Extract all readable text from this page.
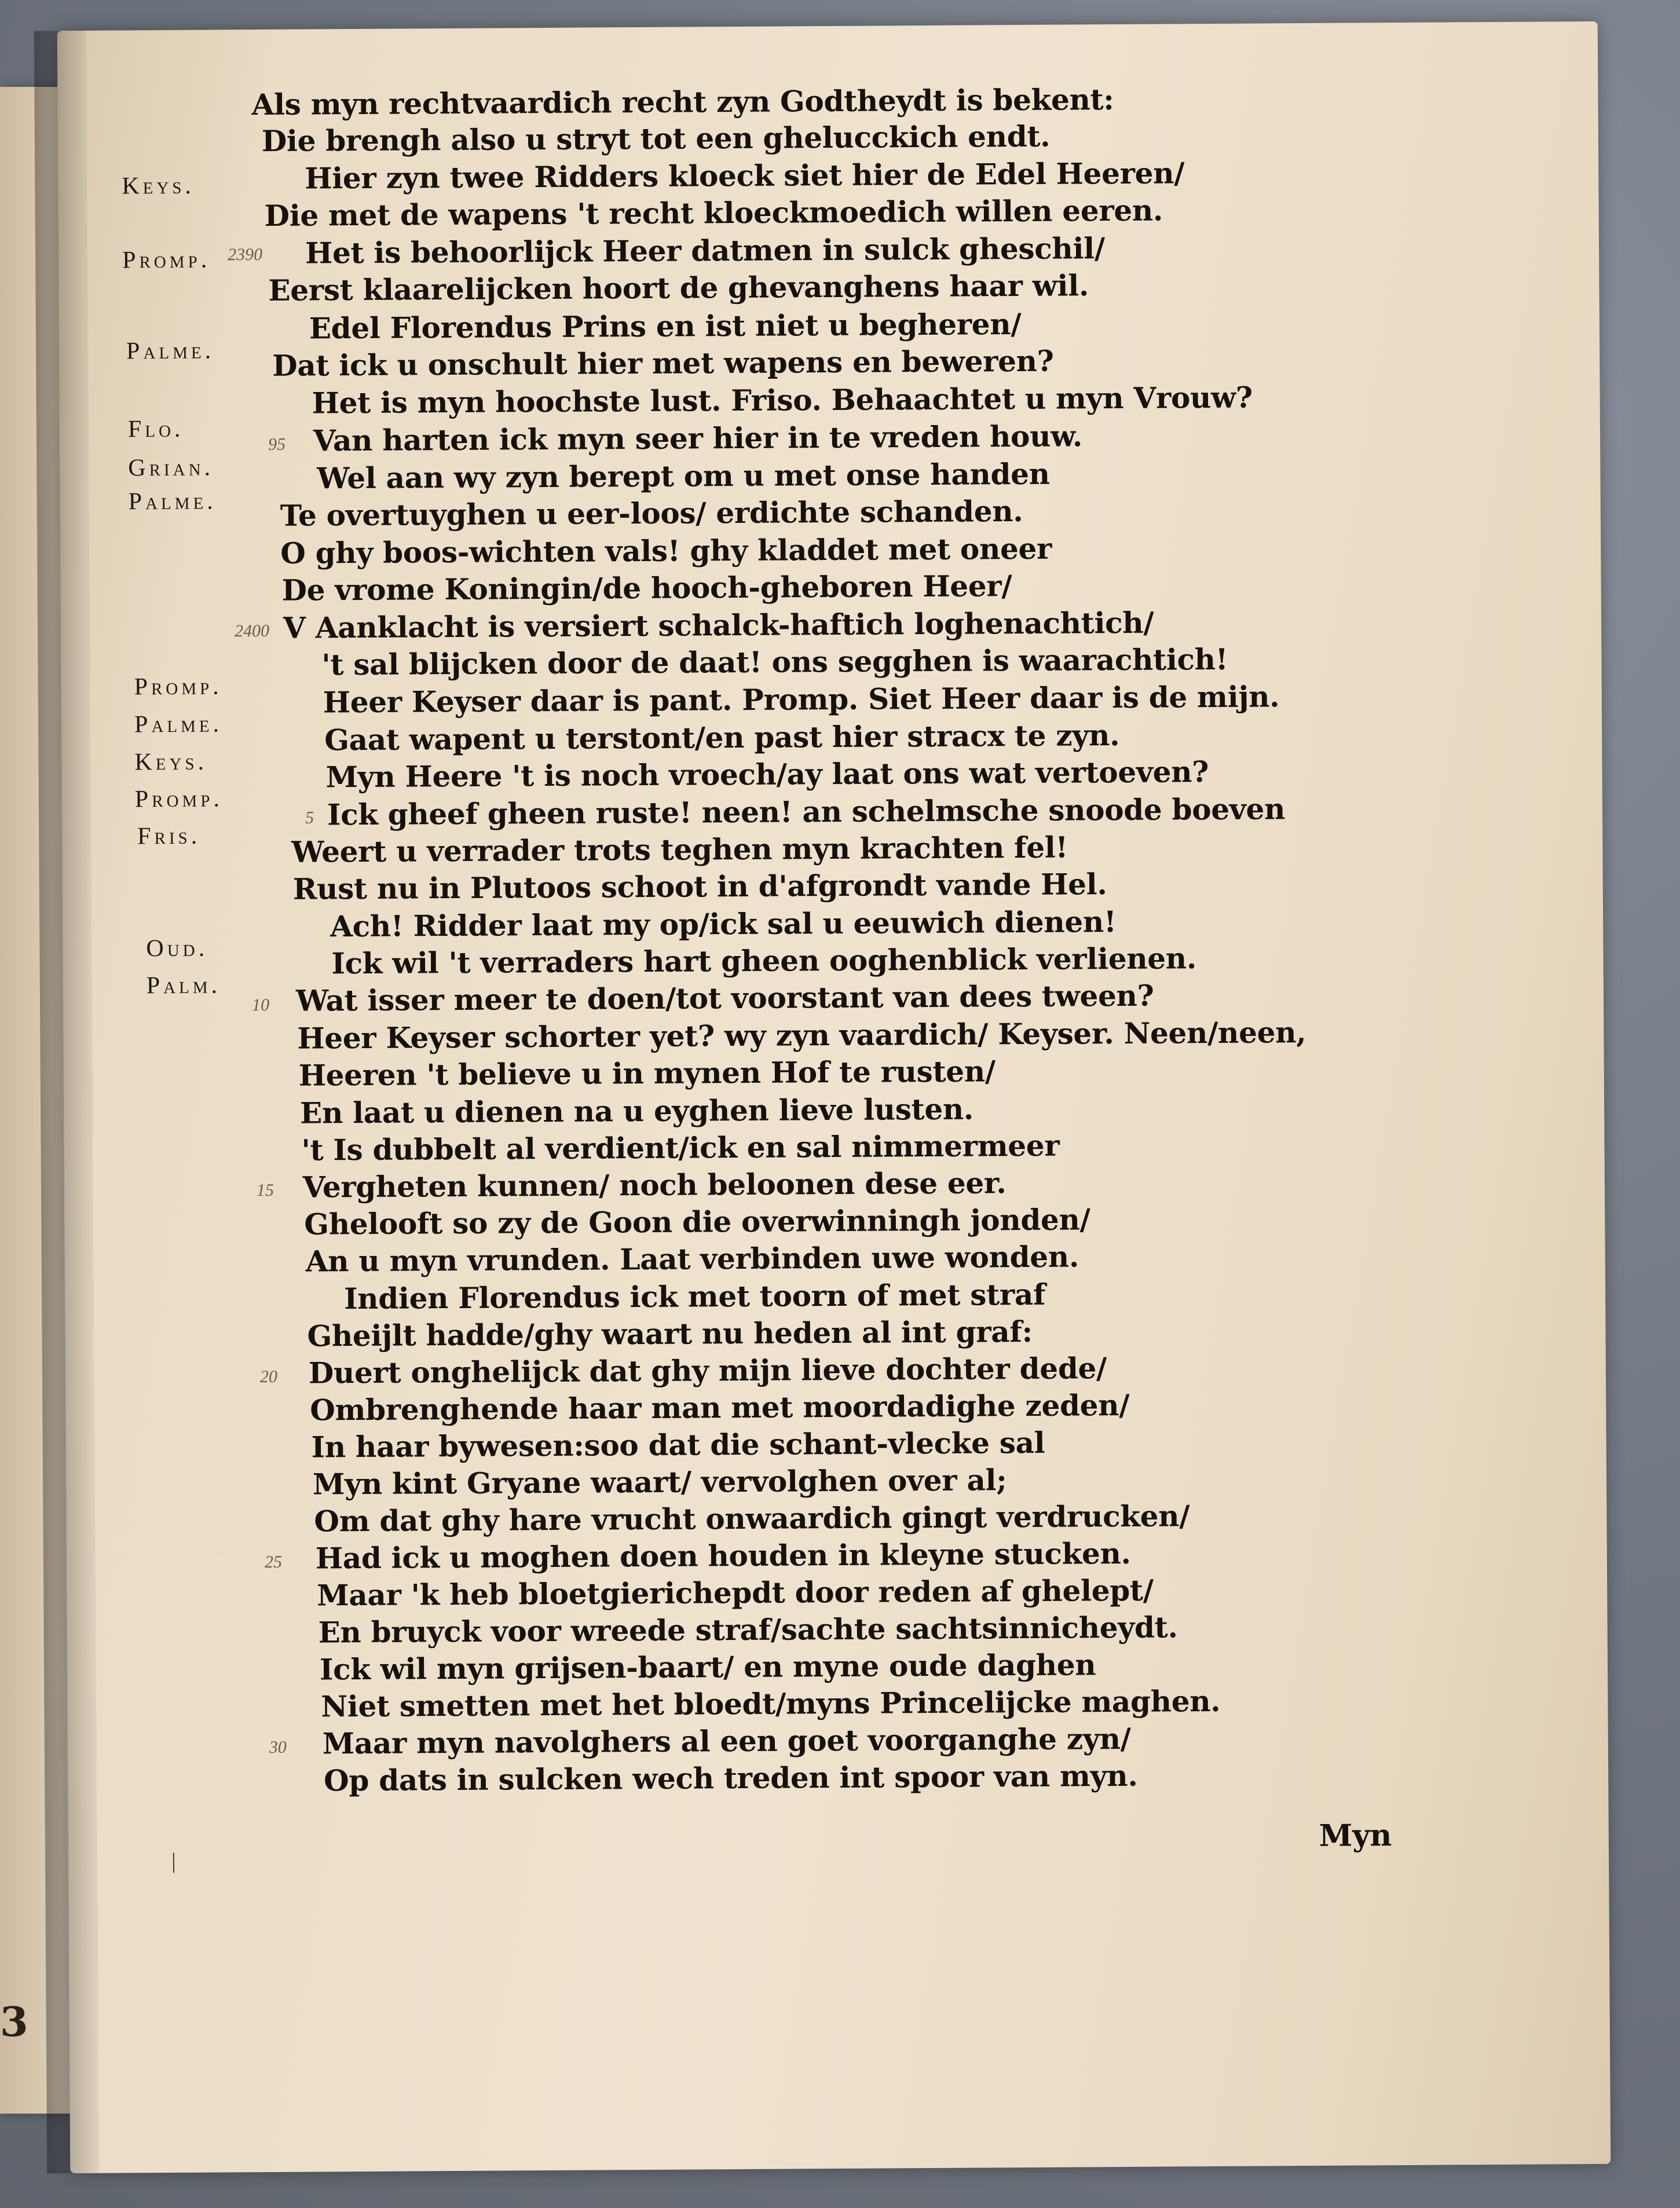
3
Als myn rechtvaardich recht zyn Godtheydt is bekent:
Die brengh also u stryt tot een ghelucckich endt.
Hier zyn twee Ridders kloeck siet hier de Edel Heeren/
Die met de wapens 't recht kloeckmoedich willen eeren.
Het is behoorlijck Heer datmen in sulck gheschil/
Eerst klaarelijcken hoort de ghevanghens haar wil.
Edel Florendus Prins en ist niet u begheren/
Dat ick u onschult hier met wapens en beweren?
Het is myn hoochste lust. Friso. Behaachtet u myn Vrouw?
Van harten ick myn seer hier in te vreden houw.
Wel aan wy zyn berept om u met onse handen
Te overtuyghen u eer-loos/ erdichte schanden.
O ghy boos-wichten vals! ghy kladdet met oneer
De vrome Koningin/de hooch-gheboren Heer/
V Aanklacht is versiert schalck-haftich loghenachtich/
't sal blijcken door de daat! ons segghen is waarachtich!
Heer Keyser daar is pant. Promp. Siet Heer daar is de mijn.
Gaat wapent u terstont/en past hier stracx te zyn.
Myn Heere 't is noch vroech/ay laat ons wat vertoeven?
Ick gheef gheen ruste! neen! an schelmsche snoode boeven
Weert u verrader trots teghen myn krachten fel!
Rust nu in Plutoos schoot in d'afgrondt vande Hel.
Ach! Ridder laat my op/ick sal u eeuwich dienen!
Ick wil 't verraders hart gheen ooghenblick verlienen.
Wat isser meer te doen/tot voorstant van dees tween?
Heer Keyser schorter yet? wy zyn vaardich/ Keyser. Neen/neen,
Heeren 't believe u in mynen Hof te rusten/
En laat u dienen na u eyghen lieve lusten.
't Is dubbelt al verdient/ick en sal nimmermeer
Vergheten kunnen/ noch beloonen dese eer.
Ghelooft so zy de Goon die overwinningh jonden/
An u myn vrunden. Laat verbinden uwe wonden.
Indien Florendus ick met toorn of met straf
Gheijlt hadde/ghy waart nu heden al int graf:
Duert onghelijck dat ghy mijn lieve dochter dede/
Ombrenghende haar man met moordadighe zeden/
In haar bywesen:soo dat die schant-vlecke sal
Myn kint Gryane waart/ vervolghen over al;
Om dat ghy hare vrucht onwaardich gingt verdrucken/
Had ick u moghen doen houden in kleyne stucken.
Maar 'k heb bloetgierichepdt door reden af ghelept/
En bruyck voor wreede straf/sachte sachtsinnicheydt.
Ick wil myn grijsen-baart/ en myne oude daghen
Niet smetten met het bloedt/myns Princelijcke maghen.
Maar myn navolghers al een goet voorganghe zyn/
Op dats in sulcken wech treden int spoor van myn.
Keys.
Promp.
Palme.
Flo.
Grian.
Palme.
Promp.
Palme.
Keys.
Promp.
Fris.
Oud.
Palm.
2390
95
2400
5
10
15
20
25
30
Myn
|
